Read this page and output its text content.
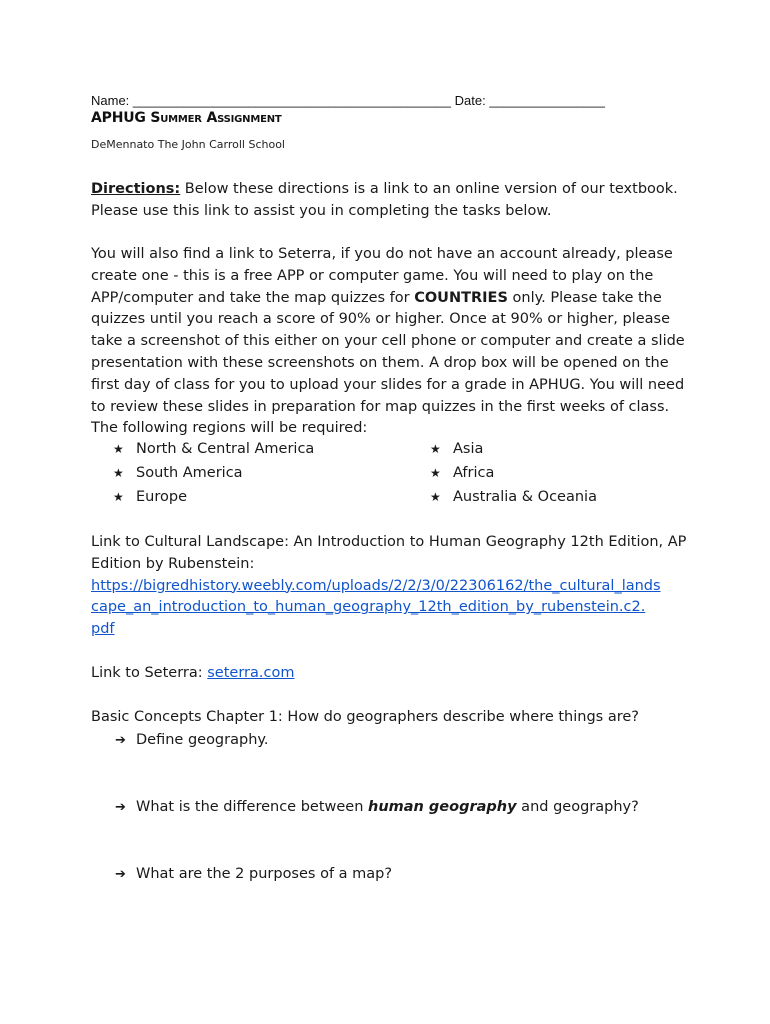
Name: ____________________________________________ Date: ________________
APHUG Summer Assignment
DeMennato The John Carroll School

Directions: Below these directions is a link to an online version of our textbook. Please use this link to assist you in completing the tasks below.

You will also find a link to Seterra, if you do not have an account already, please create one - this is a free APP or computer game. You will need to play on the APP/computer and take the map quizzes for COUNTRIES only. Please take the quizzes until you reach a score of 90% or higher. Once at 90% or higher, please take a screenshot of this either on your cell phone or computer and create a slide presentation with these screenshots on them. A drop box will be opened on the first day of class for you to upload your slides for a grade in APHUG. You will need to review these slides in preparation for map quizzes in the first weeks of class. The following regions will be required:

★ North & Central America
★ South America
★ Europe
★ Asia
★ Africa
★ Australia & Oceania

Link to Cultural Landscape: An Introduction to Human Geography 12th Edition, AP Edition by Rubenstein:

https://bigredhistory.weebly.com/uploads/2/2/3/0/22306162/the_cultural_lands
cape_an_introduction_to_human_geography_12th_edition_by_rubenstein.c2.
pdf
Link to Seterra: seterra.com
Basic Concepts Chapter 1: How do geographers describe where things are?
➔ Define geography.
➔ What is the difference between human geography and geography?
➔ What are the 2 purposes of a map?
